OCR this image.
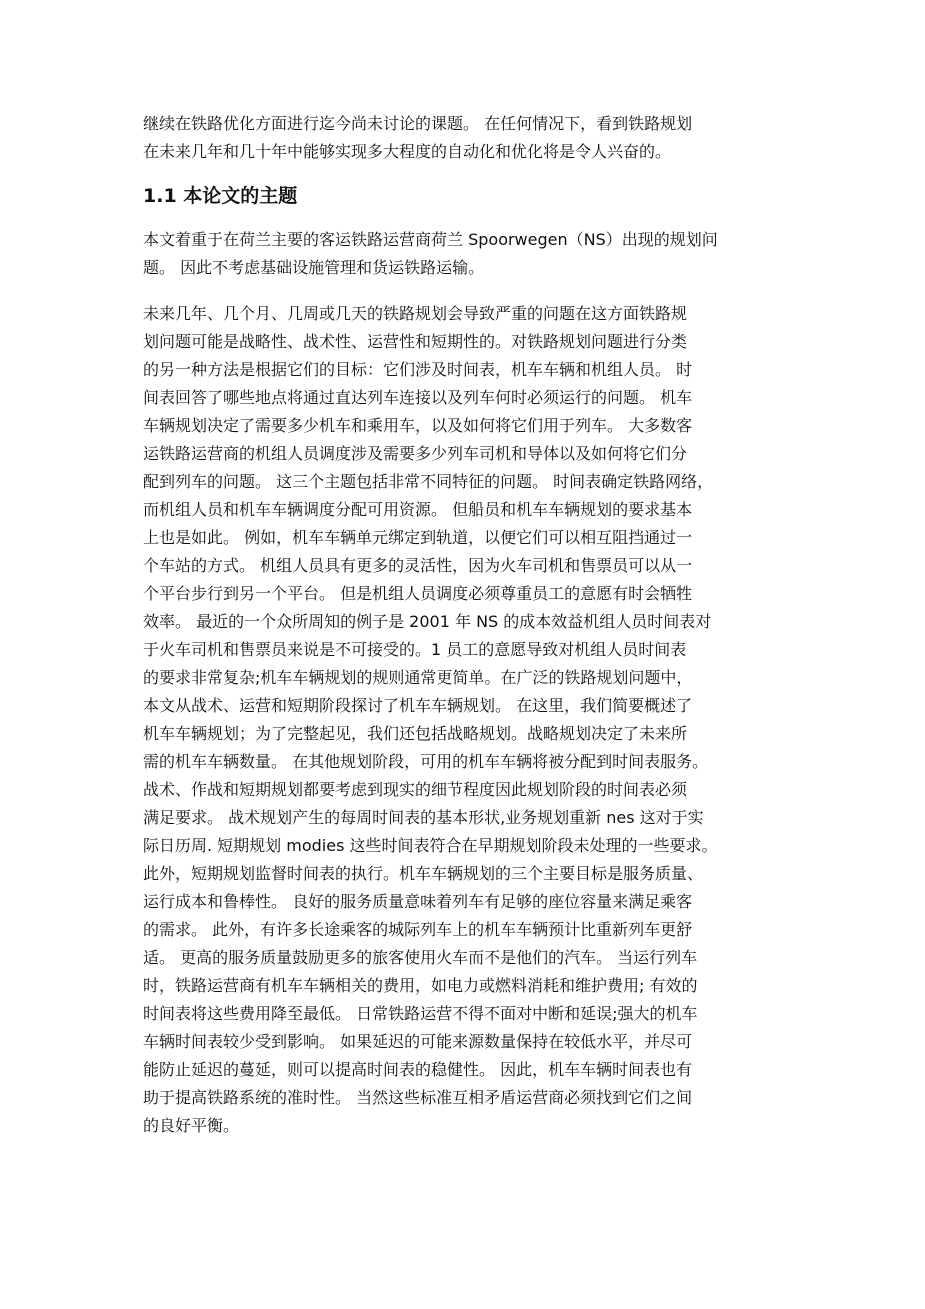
继续在铁路优化方面进行迄今尚未讨论的课题。 在任何情况下，看到铁路规划
在未来几年和几十年中能够实现多大程度的自动化和优化将是令人兴奋的。

1.1 本论文的主题

本文着重于在荷兰主要的客运铁路运营商荷兰 Spoorwegen（NS）出现的规划问
题。 因此不考虑基础设施管理和货运铁路运输。

未来几年、几个月、几周或几天的铁路规划会导致严重的问题在这方面铁路规
划问题可能是战略性、战术性、运营性和短期性的。对铁路规划问题进行分类
的另一种方法是根据它们的目标：它们涉及时间表，机车车辆和机组人员。 时
间表回答了哪些地点将通过直达列车连接以及列车何时必须运行的问题。 机车
车辆规划决定了需要多少机车和乘用车，以及如何将它们用于列车。 大多数客
运铁路运营商的机组人员调度涉及需要多少列车司机和导体以及如何将它们分
配到列车的问题。 这三个主题包括非常不同特征的问题。 时间表确定铁路网络，
而机组人员和机车车辆调度分配可用资源。 但船员和机车车辆规划的要求基本
上也是如此。 例如，机车车辆单元绑定到轨道，以便它们可以相互阻挡通过一
个车站的方式。 机组人员具有更多的灵活性，因为火车司机和售票员可以从一
个平台步行到另一个平台。 但是机组人员调度必须尊重员工的意愿有时会牺牲
效率。 最近的一个众所周知的例子是 2001 年 NS 的成本效益机组人员时间表对
于火车司机和售票员来说是不可接受的。1 员工的意愿导致对机组人员时间表
的要求非常复杂;机车车辆规划的规则通常更简单。在广泛的铁路规划问题中，
本文从战术、运营和短期阶段探讨了机车车辆规划。 在这里，我们简要概述了
机车车辆规划；为了完整起见，我们还包括战略规划。战略规划决定了未来所
需的机车车辆数量。 在其他规划阶段，可用的机车车辆将被分配到时间表服务。
战术、作战和短期规划都要考虑到现实的细节程度因此规划阶段的时间表必须
满足要求。 战术规划产生的每周时间表的基本形状,业务规划重新 nes 这对于实
际日历周. 短期规划 modies 这些时间表符合在早期规划阶段未处理的一些要求。
此外，短期规划监督时间表的执行。机车车辆规划的三个主要目标是服务质量、
运行成本和鲁棒性。 良好的服务质量意味着列车有足够的座位容量来满足乘客
的需求。 此外，有许多长途乘客的城际列车上的机车车辆预计比重新列车更舒
适。 更高的服务质量鼓励更多的旅客使用火车而不是他们的汽车。 当运行列车
时，铁路运营商有机车车辆相关的费用，如电力或燃料消耗和维护费用; 有效的
时间表将这些费用降至最低。 日常铁路运营不得不面对中断和延误;强大的机车
车辆时间表较少受到影响。 如果延迟的可能来源数量保持在较低水平，并尽可
能防止延迟的蔓延，则可以提高时间表的稳健性。 因此，机车车辆时间表也有
助于提高铁路系统的准时性。 当然这些标准互相矛盾运营商必须找到它们之间
的良好平衡。
